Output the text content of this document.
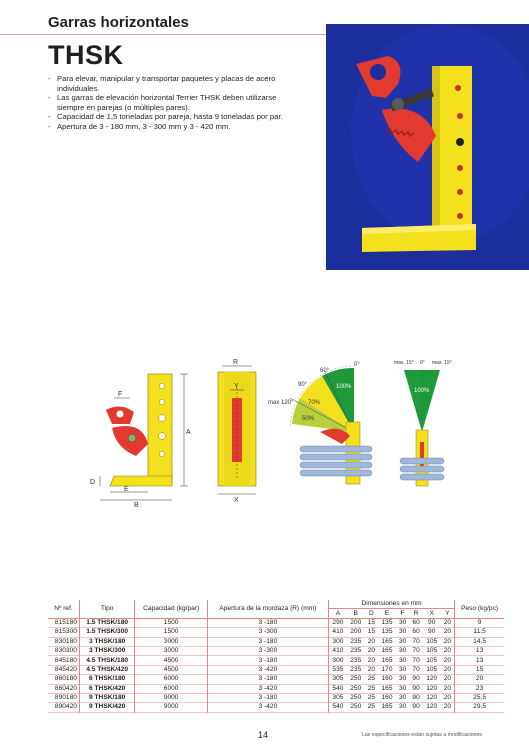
Garras horizontales
THSK
- Para elevar, manipular y transportar paquetes y placas de acero individuales.
- Las garras de elevación horizontal Terrier THSK deben utilizarse siempre en parejas (o múltiples pares).
- Capacidad de 1,5 toneladas por pareja, hasta 9 toneladas por par.
- Apertura de 3 - 180 mm, 3 - 300 mm y 3 - 420 mm.
A
F
D
E
B
R
Y
X
100%
70%
50%
0°
60°
90°
max 120°
100%
max. 15° 0° max. 15°
Nº ref.	Tipo	Capacidad (kg/par)	Apertura de la mordaza (R) (mm)	Dimensiones en mm								Peso (kg/pc)
				A	B	D	E	F	R	X	Y	
815180	1.5 THSK/180	1500	3 -180	290	200	15	135	30	60	90	20	9
815300	1.5 THSK/300	1500	3 -300	410	200	15	135	30	60	90	20	11,5
830180	3 THSK/180	3000	3 -180	300	235	20	165	30	70	105	20	14,5
830300	3 THSK/300	3000	3 -300	410	235	20	165	30	70	105	20	13
845180	4.5 THSK/180	4500	3 -180	300	235	20	165	30	70	105	20	13
845420	4.5 THSK/420	4500	3 -420	535	235	20	170	30	70	105	20	15
860180	6 THSK/180	6000	3 -180	305	250	25	160	30	90	120	20	20
860420	6 THSK/420	6000	3 -420	540	250	25	165	30	90	120	20	23
890180	9 THSK/180	9000	3 -180	305	250	25	160	30	90	120	20	25,5
890420	9 THSK/420	9000	3 -420	540	250	25	165	30	90	120	20	29,5
14	Las especificaciones están sujetas a modificaciones
